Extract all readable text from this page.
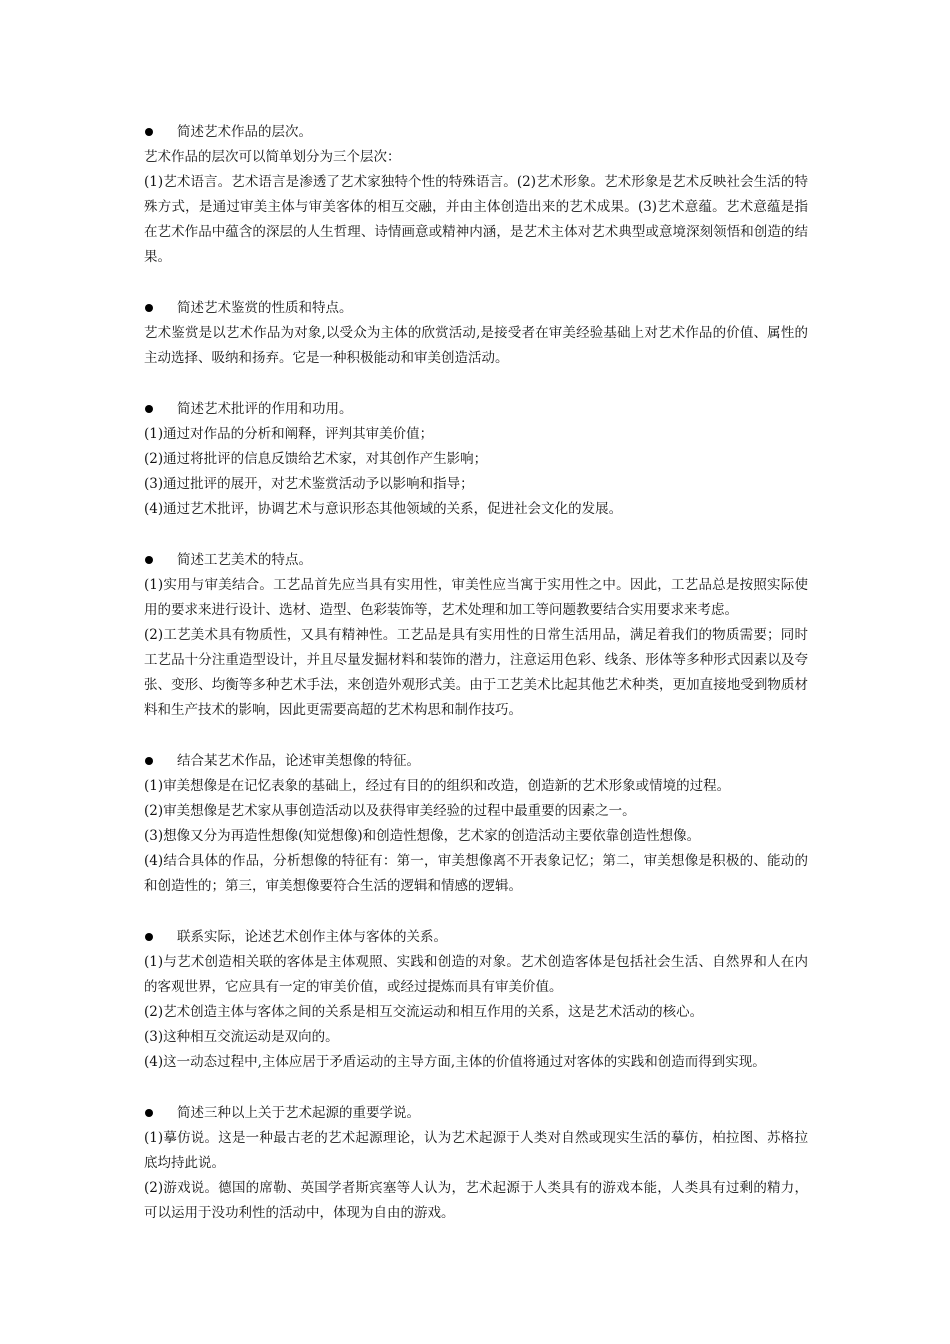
简述艺术作品的层次。

艺术作品的层次可以简单划分为三个层次：

(1)艺术语言。艺术语言是渗透了艺术家独特个性的特殊语言。(2)艺术形象。艺术形象是艺术反映社会生活的特殊方式，是通过审美主体与审美客体的相互交融，并由主体创造出来的艺术成果。(3)艺术意蕴。艺术意蕴是指在艺术作品中蕴含的深层的人生哲理、诗情画意或精神内涵，是艺术主体对艺术典型或意境深刻领悟和创造的结果。

简述艺术鉴赏的性质和特点。

艺术鉴赏是以艺术作品为对象,以受众为主体的欣赏活动,是接受者在审美经验基础上对艺术作品的价值、属性的主动选择、吸纳和扬弃。它是一种积极能动和审美创造活动。

简述艺术批评的作用和功用。

(1)通过对作品的分析和阐释，评判其审美价值；

(2)通过将批评的信息反馈给艺术家，对其创作产生影响；

(3)通过批评的展开，对艺术鉴赏活动予以影响和指导；

(4)通过艺术批评，协调艺术与意识形态其他领域的关系，促进社会文化的发展。

简述工艺美术的特点。

(1)实用与审美结合。工艺品首先应当具有实用性，审美性应当寓于实用性之中。因此，工艺品总是按照实际使用的要求来进行设计、选材、造型、色彩装饰等，艺术处理和加工等问题教要结合实用要求来考虑。

(2)工艺美术具有物质性，又具有精神性。工艺品是具有实用性的日常生活用品，满足着我们的物质需要；同时工艺品十分注重造型设计，并且尽量发掘材料和装饰的潜力，注意运用色彩、线条、形体等多种形式因素以及夸张、变形、均衡等多种艺术手法，来创造外观形式美。由于工艺美术比起其他艺术种类，更加直接地受到物质材料和生产技术的影响，因此更需要高超的艺术构思和制作技巧。

结合某艺术作品，论述审美想像的特征。

(1)审美想像是在记忆表象的基础上，经过有目的的组织和改造，创造新的艺术形象或情境的过程。

(2)审美想像是艺术家从事创造活动以及获得审美经验的过程中最重要的因素之一。

(3)想像又分为再造性想像(知觉想像)和创造性想像，艺术家的创造活动主要依靠创造性想像。

(4)结合具体的作品，分析想像的特征有：第一，审美想像离不开表象记忆；第二，审美想像是积极的、能动的和创造性的；第三，审美想像要符合生活的逻辑和情感的逻辑。

联系实际，论述艺术创作主体与客体的关系。

(1)与艺术创造相关联的客体是主体观照、实践和创造的对象。艺术创造客体是包括社会生活、自然界和人在内的客观世界，它应具有一定的审美价值，或经过提炼而具有审美价值。

(2)艺术创造主体与客体之间的关系是相互交流运动和相互作用的关系，这是艺术活动的核心。

(3)这种相互交流运动是双向的。

(4)这一动态过程中,主体应居于矛盾运动的主导方面,主体的价值将通过对客体的实践和创造而得到实现。

简述三种以上关于艺术起源的重要学说。

(1)摹仿说。这是一种最古老的艺术起源理论，认为艺术起源于人类对自然或现实生活的摹仿，柏拉图、苏格拉底均持此说。

(2)游戏说。德国的席勒、英国学者斯宾塞等人认为，艺术起源于人类具有的游戏本能，人类具有过剩的精力，可以运用于没功利性的活动中，体现为自由的游戏。
